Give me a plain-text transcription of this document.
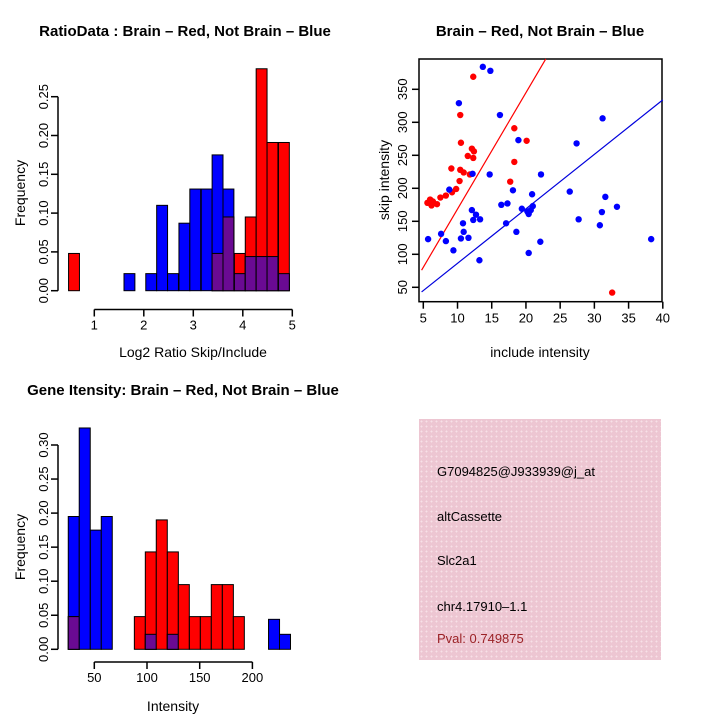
0.00
0.05
0.10
0.15
0.20
0.25
1	2	3	4	5
0.00
0.05
0.10
0.15
0.20
0.25
0.30
50	100 150 200
5 10 15 20 25 30 35 40
50
100
150
200
250
300
350
RatioData : Brain – Red, Not Brain – Blue	Brain – Red, Not Brain – Blue
Gene Itensity: Brain – Red, Not Brain – Blue
Log2 Ratio Skip/Include	include intensity
Intensity
Frequency	skip intensity
Frequency
G7094825@J933939@j_at
altCassette
Slc2a1
chr4.17910–1.1
Pval: 0.749875
